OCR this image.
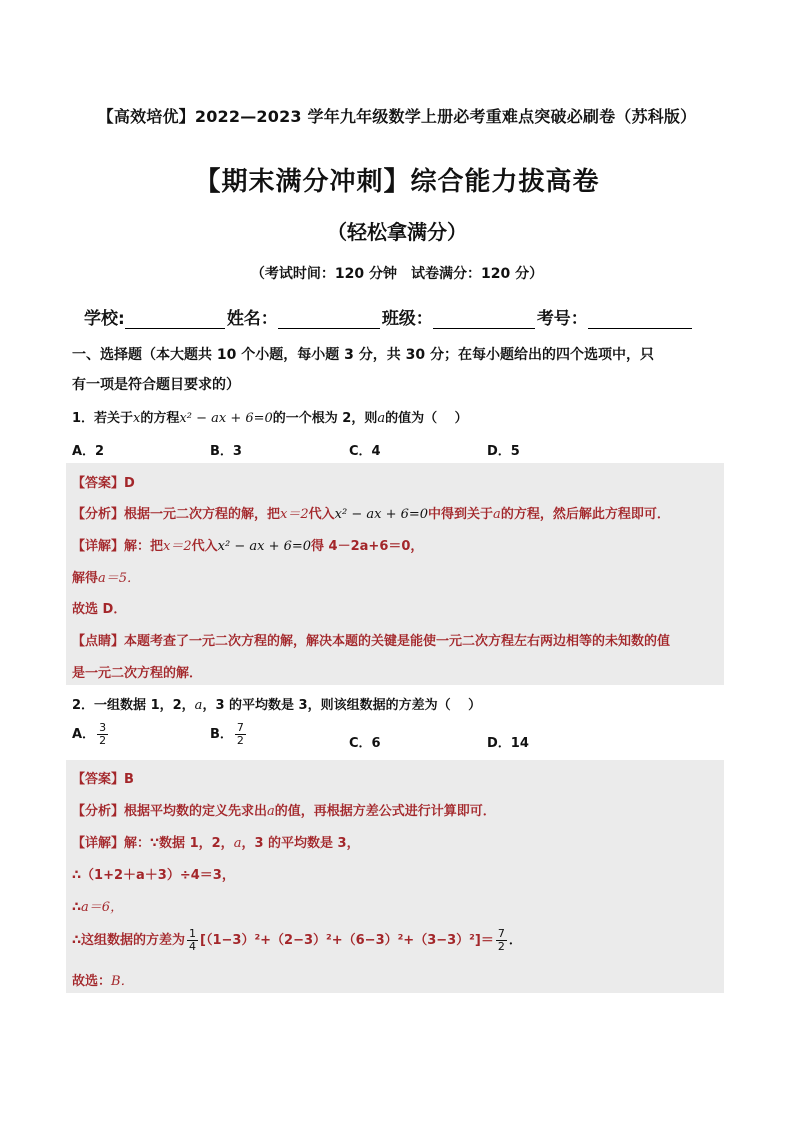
【高效培优】2022—2023 学年九年级数学上册必考重难点突破必刷卷（苏科版）
【期末满分冲刺】综合能力拔高卷
（轻松拿满分）
（考试时间：120 分钟　试卷满分：120 分）
学校:	姓名：	班级：	考号：
一、选择题（本大题共 10 个小题，每小题 3 分，共 30 分；在每小题给出的四个选项中，只
有一项是符合题目要求的）
1．若关于x的方程x² − ax + 6=0的一个根为 2，则a的值为（　 ）
A．2	B．3	C．4	D．5
【答案】D
【分析】根据一元二次方程的解，把x＝2代入x² − ax + 6=0中得到关于a的方程，然后解此方程即可．
【详解】解：把x＝2代入x² − ax + 6=0得 4－2a+6＝0，
解得a＝5．
故选 D．
【点睛】本题考查了一元二次方程的解，解决本题的关键是能使一元二次方程左右两边相等的未知数的值
是一元二次方程的解．
2．一组数据 1，2，a，3 的平均数是 3，则该组数据的方差为（　 ）
A． $\frac{3}{2}$	B． $\frac{7}{2}$	C．6	D．14
【答案】B
【分析】根据平均数的定义先求出a的值，再根据方差公式进行计算即可．
【详解】解：∵数据 1，2，a，3 的平均数是 3，
∴（1+2＋a＋3）÷4＝3，
∴a＝6，
∴这组数据的方差为 $\frac{1}{4} [(1-3)^2+(2-3)^2+(6-3)^2+(3-3)^2]= \frac{7}{2}$ ．
故选：B．
